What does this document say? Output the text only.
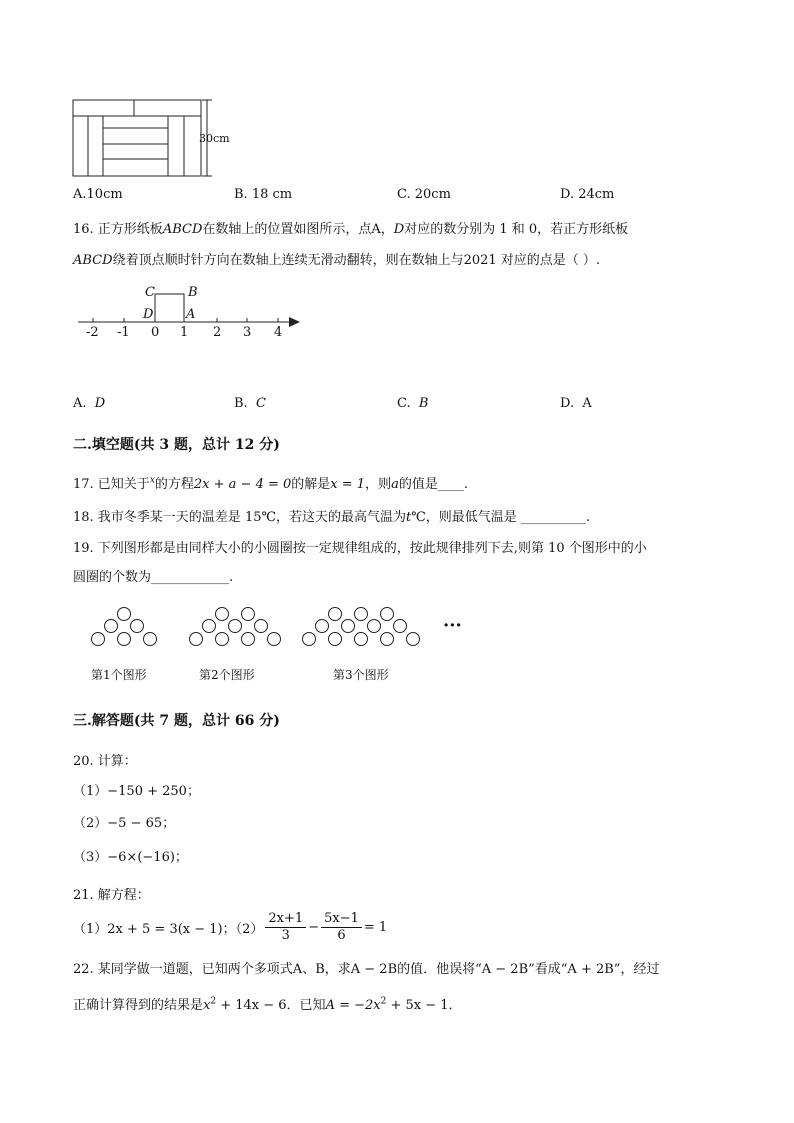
30cm
A.10cm	B. 18 cm	C. 20cm	D. 24cm
16. 正方形纸板ABCD在数轴上的位置如图所示，点A，D对应的数分别为 1 和 0，若正方形纸板
ABCD绕着顶点顺时针方向在数轴上连续无滑动翻转，则在数轴上与2021 对应的点是（ ）.
C	B
D	A
-2 -1 0 1 2 3 4
A. D	B. C	C. B	D. A
二.填空题(共 3 题，总计 12 分)
17. 已知关于$^x$的方程2x + a − 4 = 0的解是x = 1，则a的值是____.
18. 我市冬季某一天的温差是 15℃，若这天的最高气温为t℃，则最低气温是 __________.
19. 下列图形都是由同样大小的小圆圈按一定规律组成的，按此规律排列下去,则第 10 个图形中的小
圆圈的个数为____________.
···
第1个图形	第2个图形	第3个图形
三.解答题(共 7 题，总计 66 分)
20. 计算：
（1）−150 + 250；
（2）−5 − 65；
（3）−6×(−16)；
21. 解方程：
（1）2x + 5 = 3(x − 1)；$(2) \frac{2x+1}{3} - \frac{5x-1}{6} = 1$
22. 某同学做一道题，已知两个多项式A、B，求A − 2B的值．他误将“A − 2B”看成“A + 2B”，经过
正确计算得到的结果是$x^2 + 14x - 6$．已知$A = -2x^2 + 5x - 1$．
